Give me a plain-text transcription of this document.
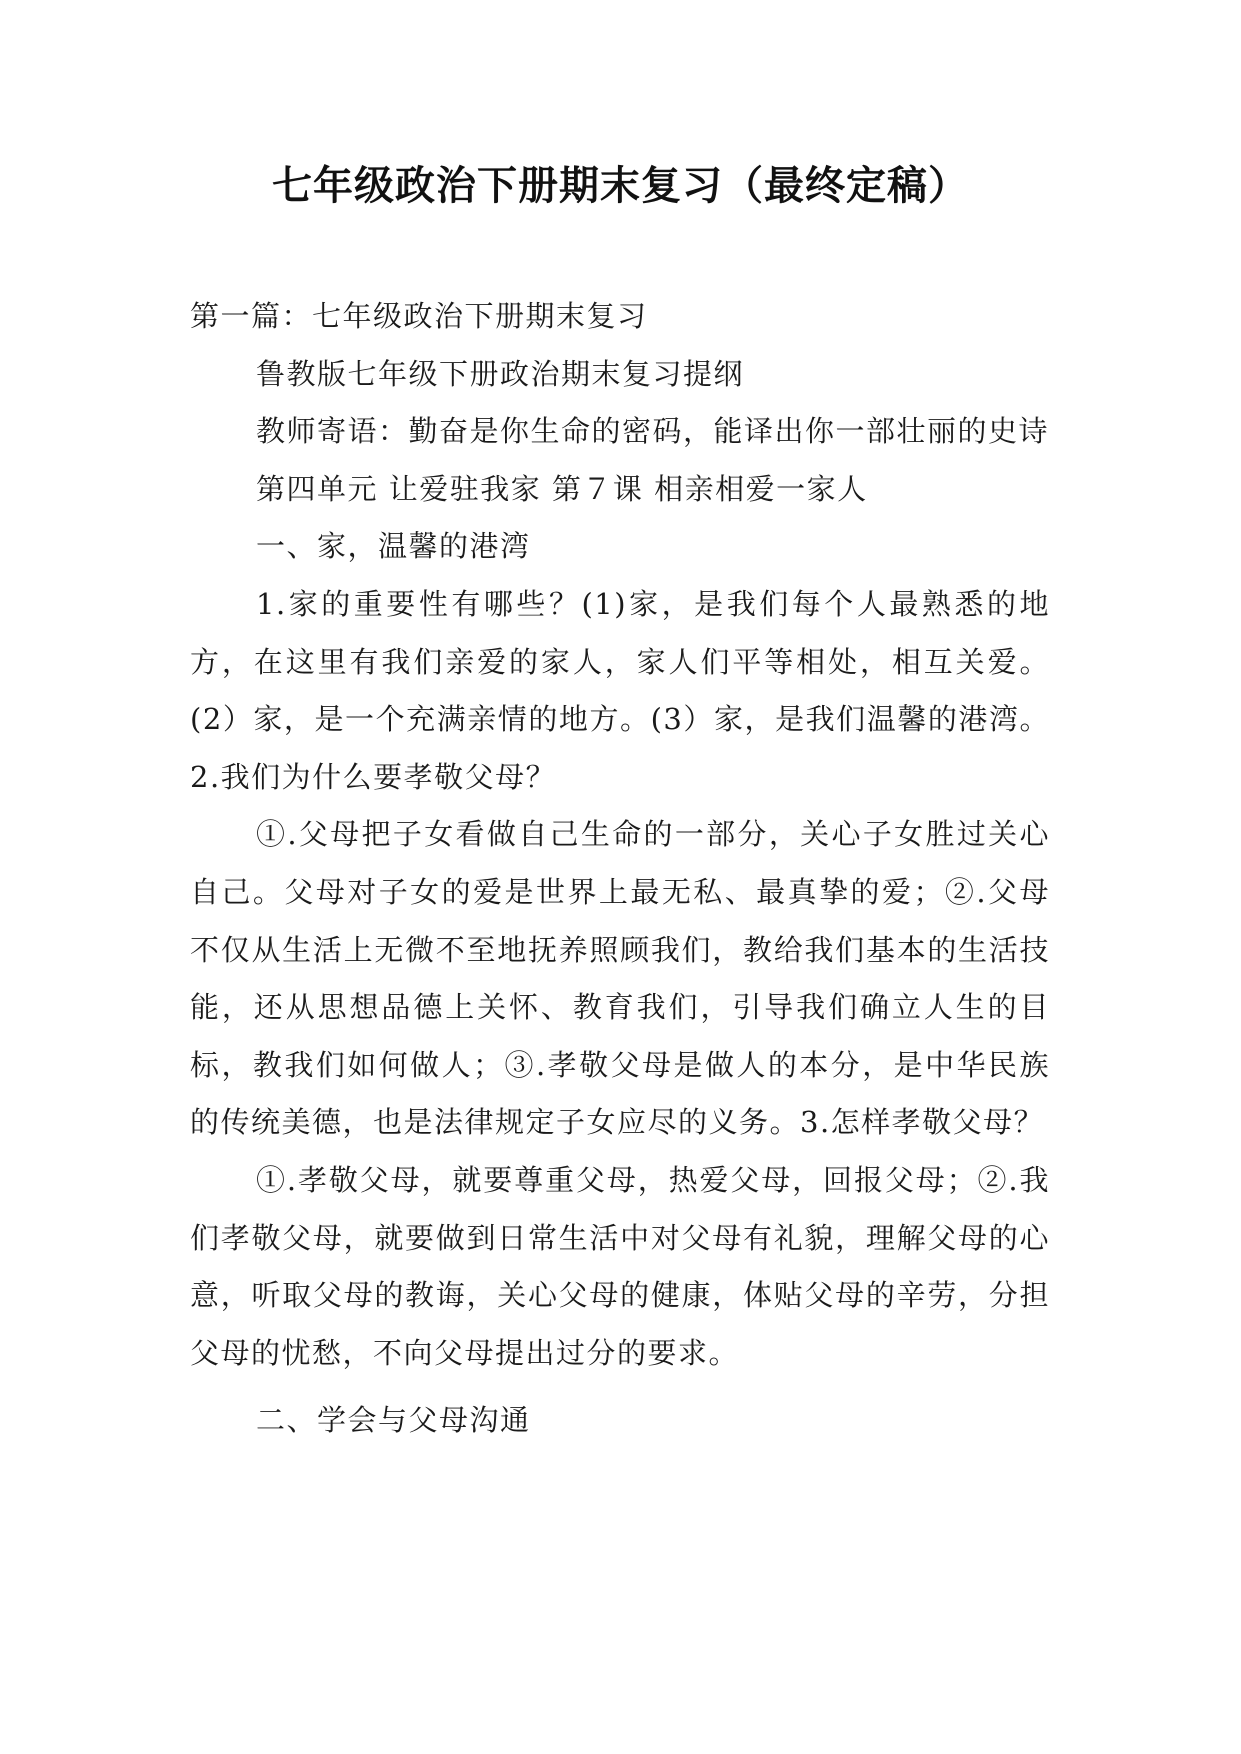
七年级政治下册期末复习（最终定稿）

第一篇：七年级政治下册期末复习

鲁教版七年级下册政治期末复习提纲

教师寄语：勤奋是你生命的密码，能译出你一部壮丽的史诗

第四单元 让爱驻我家 第７课 相亲相爱一家人

一、家，温馨的港湾

1.家的重要性有哪些？(1)家，是我们每个人最熟悉的地方，在这里有我们亲爱的家人，家人们平等相处，相互关爱。(2）家，是一个充满亲情的地方。(3）家，是我们温馨的港湾。2.我们为什么要孝敬父母？

①.父母把子女看做自己生命的一部分，关心子女胜过关心自己。父母对子女的爱是世界上最无私、最真挚的爱；②.父母不仅从生活上无微不至地抚养照顾我们，教给我们基本的生活技能，还从思想品德上关怀、教育我们，引导我们确立人生的目标，教我们如何做人；③.孝敬父母是做人的本分，是中华民族的传统美德，也是法律规定子女应尽的义务。3.怎样孝敬父母？

①.孝敬父母，就要尊重父母，热爱父母，回报父母；②.我们孝敬父母，就要做到日常生活中对父母有礼貌，理解父母的心意，听取父母的教诲，关心父母的健康，体贴父母的辛劳，分担父母的忧愁，不向父母提出过分的要求。

二、学会与父母沟通
